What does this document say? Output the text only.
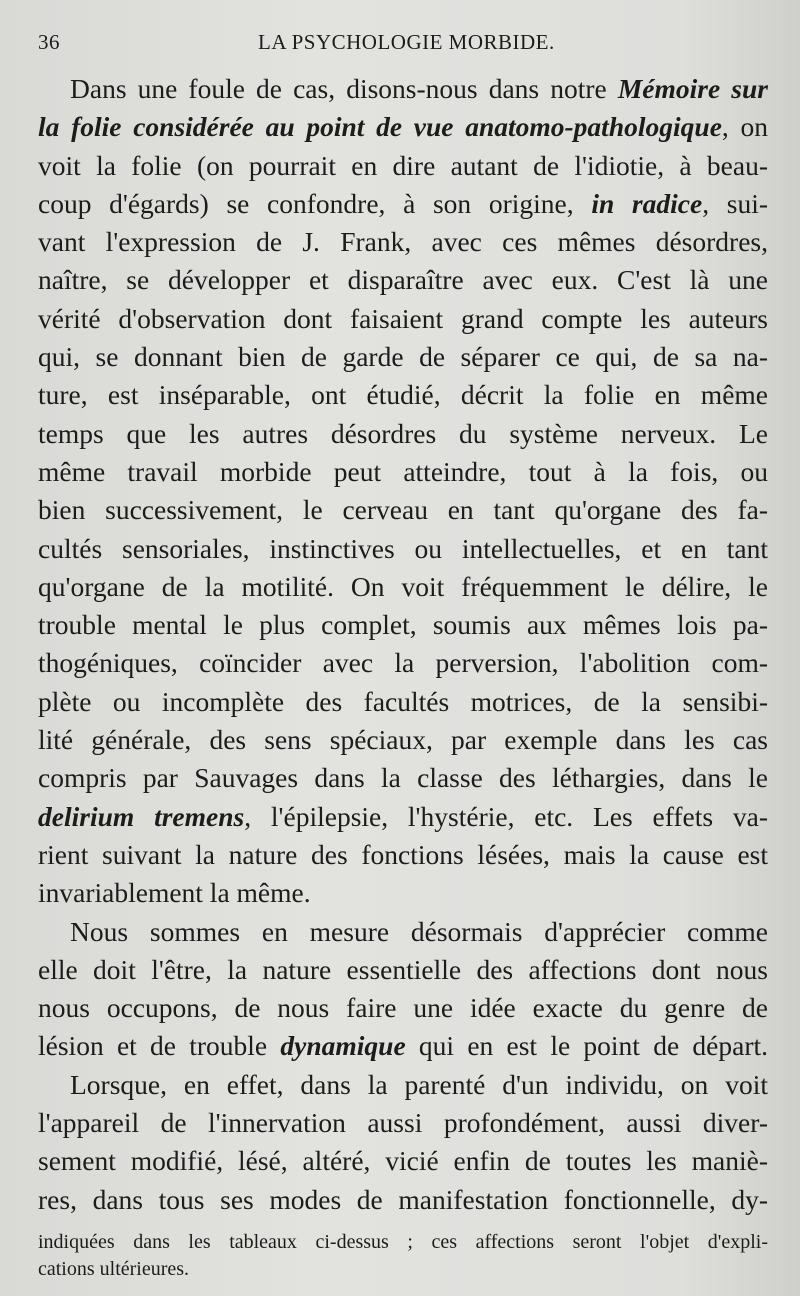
36	LA PSYCHOLOGIE MORBIDE.
Dans une foule de cas, disons-nous dans notre Mémoire sur
la folie considérée au point de vue anatomo-pathologique, on
voit la folie (on pourrait en dire autant de l'idiotie, à beau-
coup d'égards) se confondre, à son origine, in radice, sui-
vant l'expression de J. Frank, avec ces mêmes désordres,
naître, se développer et disparaître avec eux. C'est là une
vérité d'observation dont faisaient grand compte les auteurs
qui, se donnant bien de garde de séparer ce qui, de sa na-
ture, est inséparable, ont étudié, décrit la folie en même
temps que les autres désordres du système nerveux. Le
même travail morbide peut atteindre, tout à la fois, ou
bien successivement, le cerveau en tant qu'organe des fa-
cultés sensoriales, instinctives ou intellectuelles, et en tant
qu'organe de la motilité. On voit fréquemment le délire, le
trouble mental le plus complet, soumis aux mêmes lois pa-
thogéniques, coïncider avec la perversion, l'abolition com-
plète ou incomplète des facultés motrices, de la sensibi-
lité générale, des sens spéciaux, par exemple dans les cas
compris par Sauvages dans la classe des léthargies, dans le
delirium tremens, l'épilepsie, l'hystérie, etc. Les effets va-
rient suivant la nature des fonctions lésées, mais la cause est
invariablement la même.
Nous sommes en mesure désormais d'apprécier comme
elle doit l'être, la nature essentielle des affections dont nous
nous occupons, de nous faire une idée exacte du genre de
lésion et de trouble dynamique qui en est le point de départ.
Lorsque, en effet, dans la parenté d'un individu, on voit
l'appareil de l'innervation aussi profondément, aussi diver-
sement modifié, lésé, altéré, vicié enfin de toutes les maniè-
res, dans tous ses modes de manifestation fonctionnelle, dy-
indiquées dans les tableaux ci-dessus ; ces affections seront l'objet d'expli-
cations ultérieures.
